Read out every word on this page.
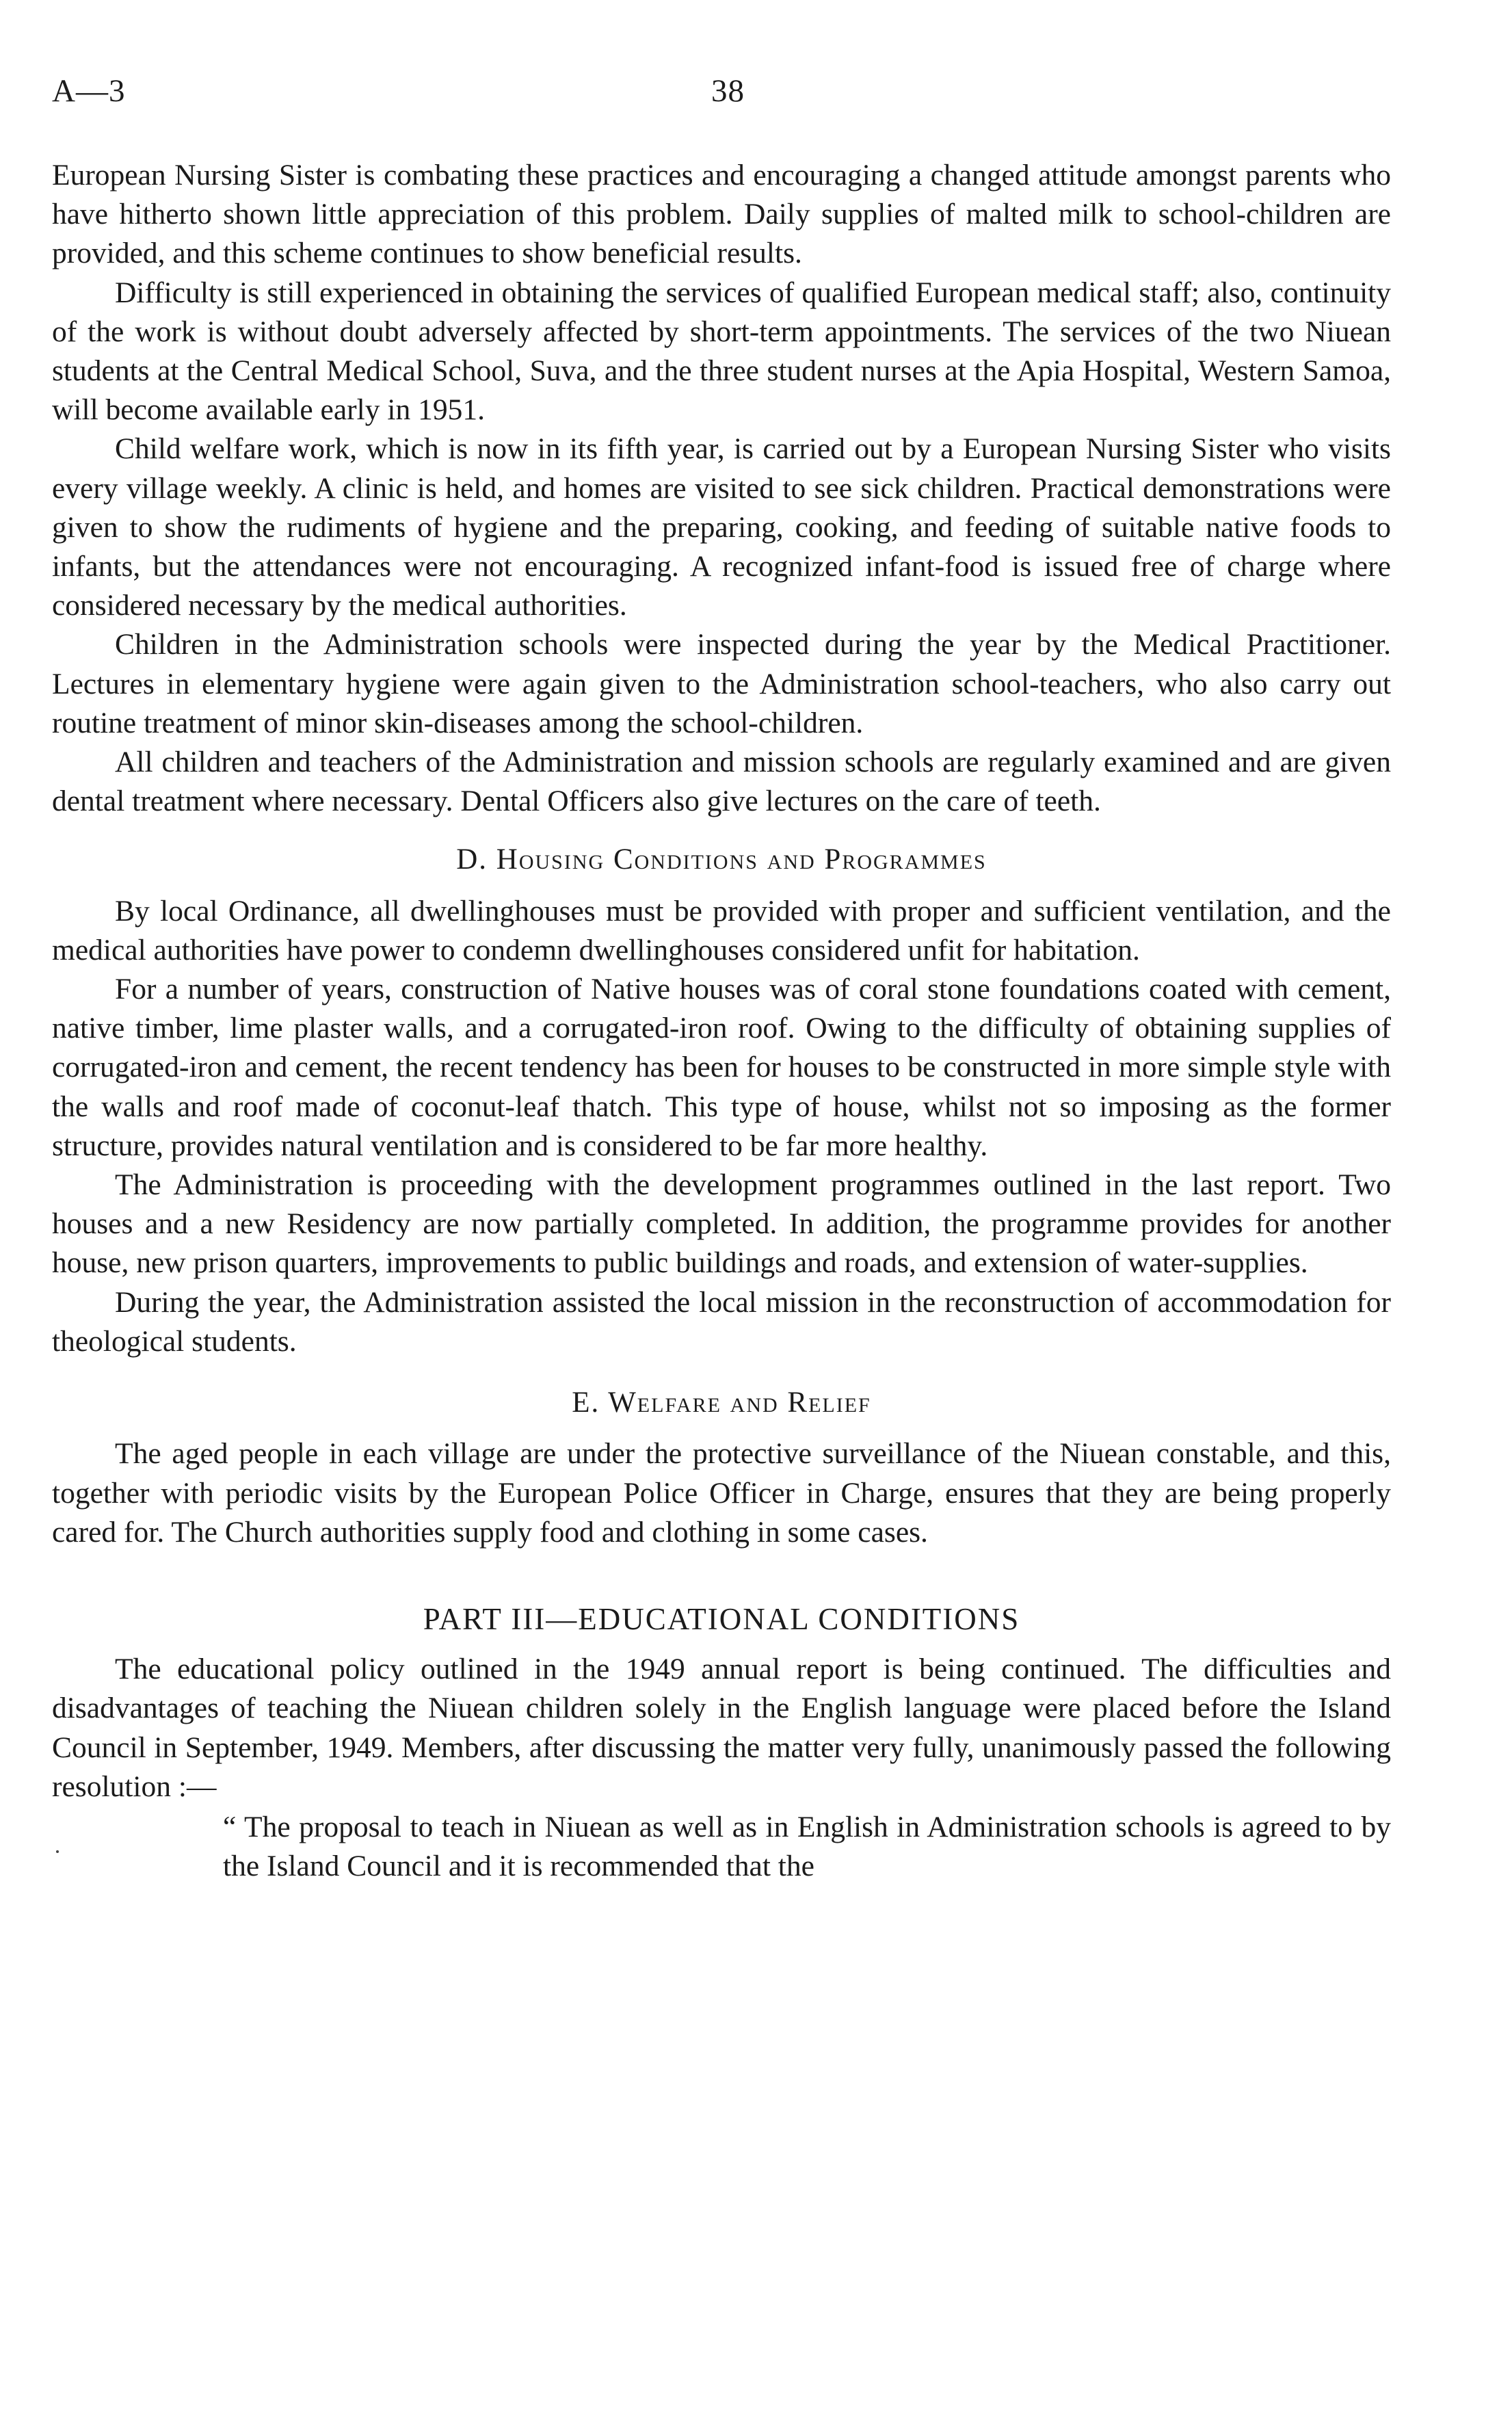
A—3	38

European Nursing Sister is combating these practices and encouraging a changed attitude amongst parents who have hitherto shown little appreciation of this problem. Daily supplies of malted milk to school-children are provided, and this scheme continues to show beneficial results.

Difficulty is still experienced in obtaining the services of qualified European medical staff; also, continuity of the work is without doubt adversely affected by short-term appointments. The services of the two Niuean students at the Central Medical School, Suva, and the three student nurses at the Apia Hospital, Western Samoa, will become available early in 1951.

Child welfare work, which is now in its fifth year, is carried out by a European Nursing Sister who visits every village weekly. A clinic is held, and homes are visited to see sick children. Practical demonstrations were given to show the rudiments of hygiene and the preparing, cooking, and feeding of suitable native foods to infants, but the attendances were not encouraging. A recognized infant-food is issued free of charge where considered necessary by the medical authorities.

Children in the Administration schools were inspected during the year by the Medical Practitioner. Lectures in elementary hygiene were again given to the Administration school-teachers, who also carry out routine treatment of minor skin-diseases among the school-children.

All children and teachers of the Administration and mission schools are regularly examined and are given dental treatment where necessary. Dental Officers also give lectures on the care of teeth.

D. Housing Conditions and Programmes

By local Ordinance, all dwellinghouses must be provided with proper and sufficient ventilation, and the medical authorities have power to condemn dwellinghouses considered unfit for habitation.

For a number of years, construction of Native houses was of coral stone foundations coated with cement, native timber, lime plaster walls, and a corrugated-iron roof. Owing to the difficulty of obtaining supplies of corrugated-iron and cement, the recent tendency has been for houses to be constructed in more simple style with the walls and roof made of coconut-leaf thatch. This type of house, whilst not so imposing as the former structure, provides natural ventilation and is considered to be far more healthy.

The Administration is proceeding with the development programmes outlined in the last report. Two houses and a new Residency are now partially completed. In addition, the programme provides for another house, new prison quarters, improvements to public buildings and roads, and extension of water-supplies.

During the year, the Administration assisted the local mission in the reconstruction of accommodation for theological students.

E. Welfare and Relief

The aged people in each village are under the protective surveillance of the Niuean constable, and this, together with periodic visits by the European Police Officer in Charge, ensures that they are being properly cared for. The Church authorities supply food and clothing in some cases.

PART III—EDUCATIONAL CONDITIONS

The educational policy outlined in the 1949 annual report is being continued. The difficulties and disadvantages of teaching the Niuean children solely in the English language were placed before the Island Council in September, 1949. Members, after discussing the matter very fully, unanimously passed the following resolution :—

“ The proposal to teach in Niuean as well as in English in Administration schools is agreed to by the Island Council and it is recommended that the
